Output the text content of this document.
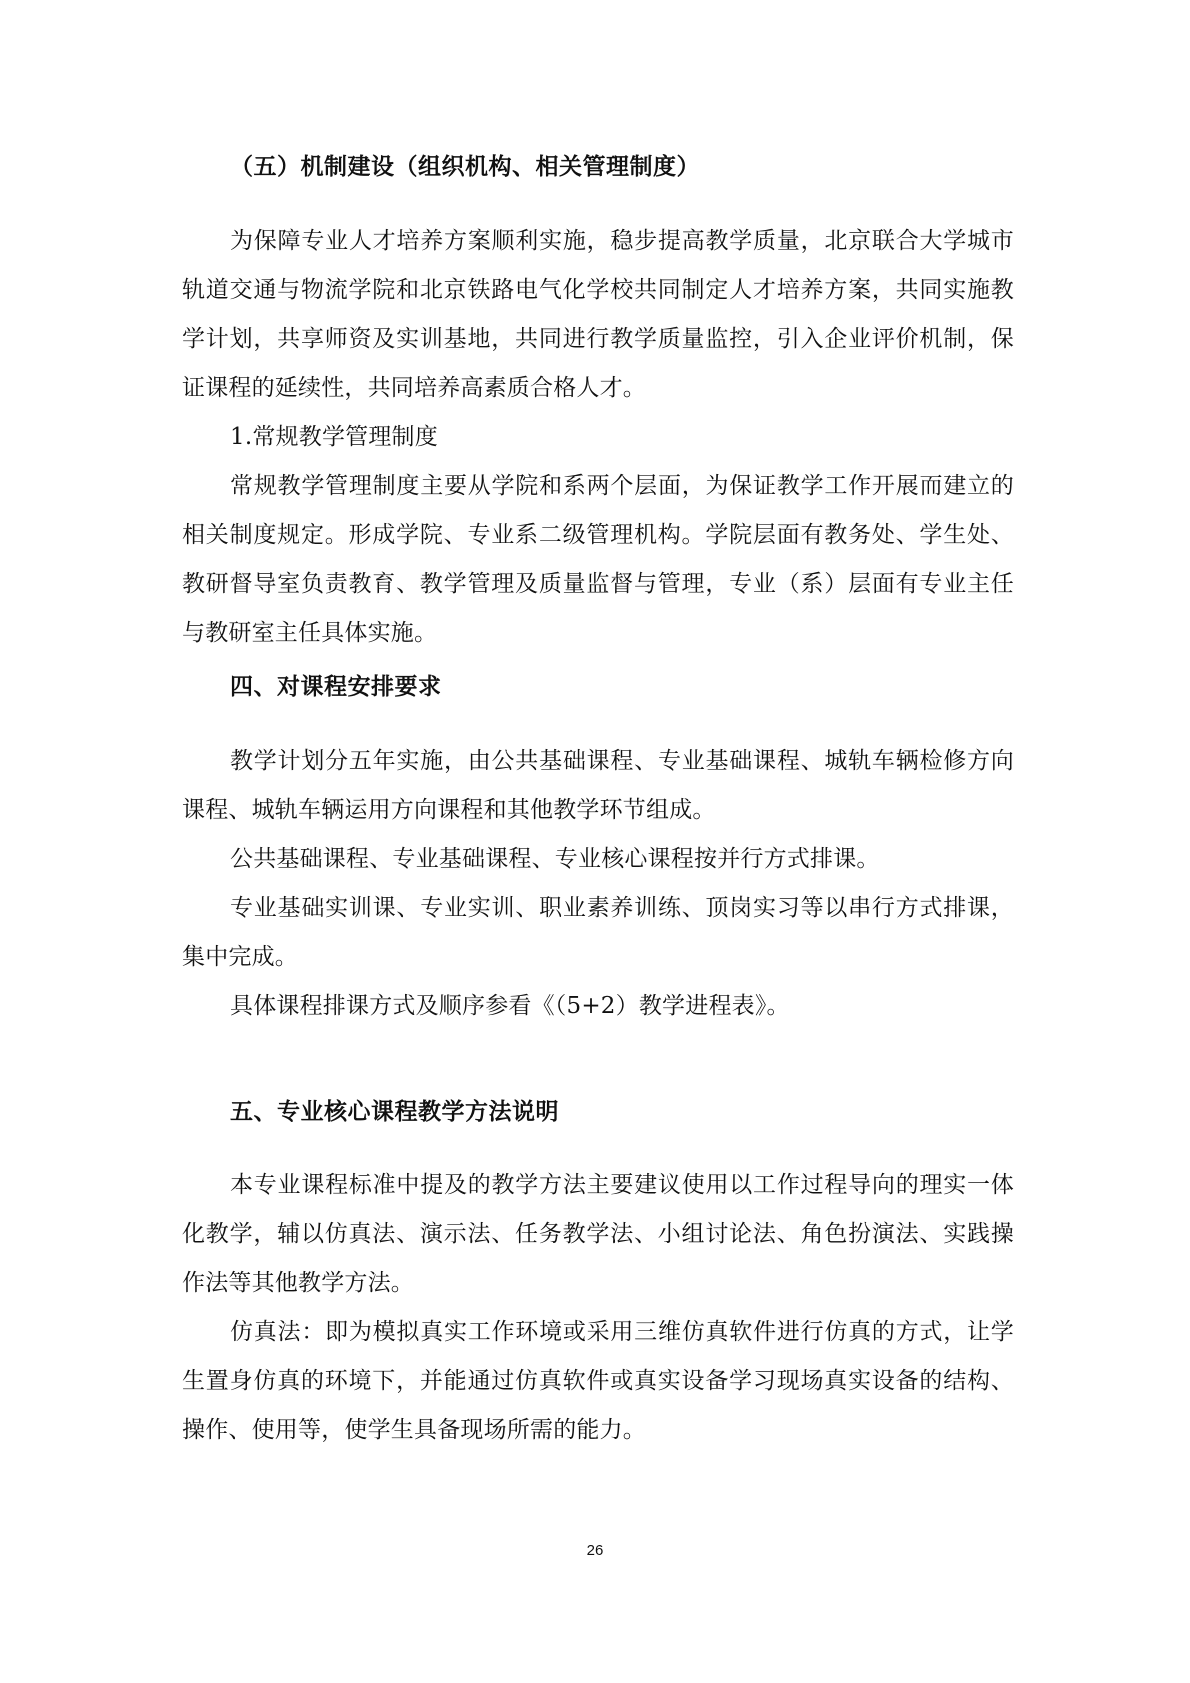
（五）机制建设（组织机构、相关管理制度）

为保障专业人才培养方案顺利实施，稳步提高教学质量，北京联合大学城市轨道交通与物流学院和北京铁路电气化学校共同制定人才培养方案，共同实施教学计划，共享师资及实训基地，共同进行教学质量监控，引入企业评价机制，保证课程的延续性，共同培养高素质合格人才。

1.常规教学管理制度

常规教学管理制度主要从学院和系两个层面，为保证教学工作开展而建立的相关制度规定。形成学院、专业系二级管理机构。学院层面有教务处、学生处、教研督导室负责教育、教学管理及质量监督与管理，专业（系）层面有专业主任与教研室主任具体实施。

四、对课程安排要求

教学计划分五年实施，由公共基础课程、专业基础课程、城轨车辆检修方向课程、城轨车辆运用方向课程和其他教学环节组成。

公共基础课程、专业基础课程、专业核心课程按并行方式排课。

专业基础实训课、专业实训、职业素养训练、顶岗实习等以串行方式排课，集中完成。

具体课程排课方式及顺序参看《（5+2）教学进程表》。

五、专业核心课程教学方法说明

本专业课程标准中提及的教学方法主要建议使用以工作过程导向的理实一体化教学，辅以仿真法、演示法、任务教学法、小组讨论法、角色扮演法、实践操作法等其他教学方法。

仿真法：即为模拟真实工作环境或采用三维仿真软件进行仿真的方式，让学生置身仿真的环境下，并能通过仿真软件或真实设备学习现场真实设备的结构、操作、使用等，使学生具备现场所需的能力。

26
